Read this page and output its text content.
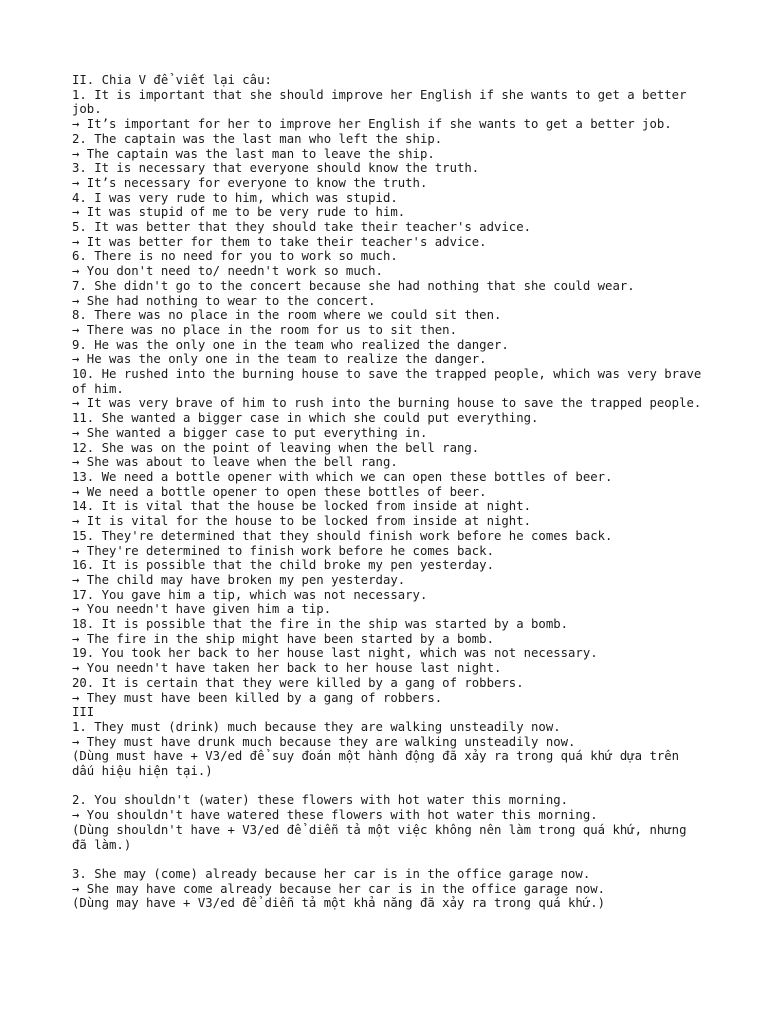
II. Chia V để viết lại câu:

1. It is important that she should improve her English if she wants to get a better job.

→ It’s important for her to improve her English if she wants to get a better job.

2. The captain was the last man who left the ship.

→ The captain was the last man to leave the ship.

3. It is necessary that everyone should know the truth.

→ It’s necessary for everyone to know the truth.

4. I was very rude to him, which was stupid.

→ It was stupid of me to be very rude to him.

5. It was better that they should take their teacher's advice.

→ It was better for them to take their teacher's advice.

6. There is no need for you to work so much.

→ You don't need to/ needn't work so much.

7. She didn't go to the concert because she had nothing that she could wear.

→ She had nothing to wear to the concert.

8. There was no place in the room where we could sit then.

→ There was no place in the room for us to sit then.

9. He was the only one in the team who realized the danger.

→ He was the only one in the team to realize the danger.

10. He rushed into the burning house to save the trapped people, which was very brave of him.

→ It was very brave of him to rush into the burning house to save the trapped people.

11. She wanted a bigger case in which she could put everything.

→ She wanted a bigger case to put everything in.

12. She was on the point of leaving when the bell rang.

→ She was about to leave when the bell rang.

13. We need a bottle opener with which we can open these bottles of beer.

→ We need a bottle opener to open these bottles of beer.

14. It is vital that the house be locked from inside at night.

→ It is vital for the house to be locked from inside at night.

15. They're determined that they should finish work before he comes back.

→ They're determined to finish work before he comes back.

16. It is possible that the child broke my pen yesterday.

→ The child may have broken my pen yesterday.

17. You gave him a tip, which was not necessary.

→ You needn't have given him a tip.

18. It is possible that the fire in the ship was started by a bomb.

→ The fire in the ship might have been started by a bomb.

19. You took her back to her house last night, which was not necessary.

→ You needn't have taken her back to her house last night.

20. It is certain that they were killed by a gang of robbers.

→ They must have been killed by a gang of robbers.

III

1. They must (drink) much because they are walking unsteadily now.

→ They must have drunk much because they are walking unsteadily now.

(Dùng must have + V3/ed để suy đoán một hành động đã xảy ra trong quá khứ dựa trên dấu hiệu hiện tại.)

2. You shouldn't (water) these flowers with hot water this morning.

→ You shouldn't have watered these flowers with hot water this morning.

(Dùng shouldn't have + V3/ed để diễn tả một việc không nên làm trong quá khứ, nhưng đã làm.)

3. She may (come) already because her car is in the office garage now.

→ She may have come already because her car is in the office garage now.

(Dùng may have + V3/ed để diễn tả một khả năng đã xảy ra trong quá khứ.)
